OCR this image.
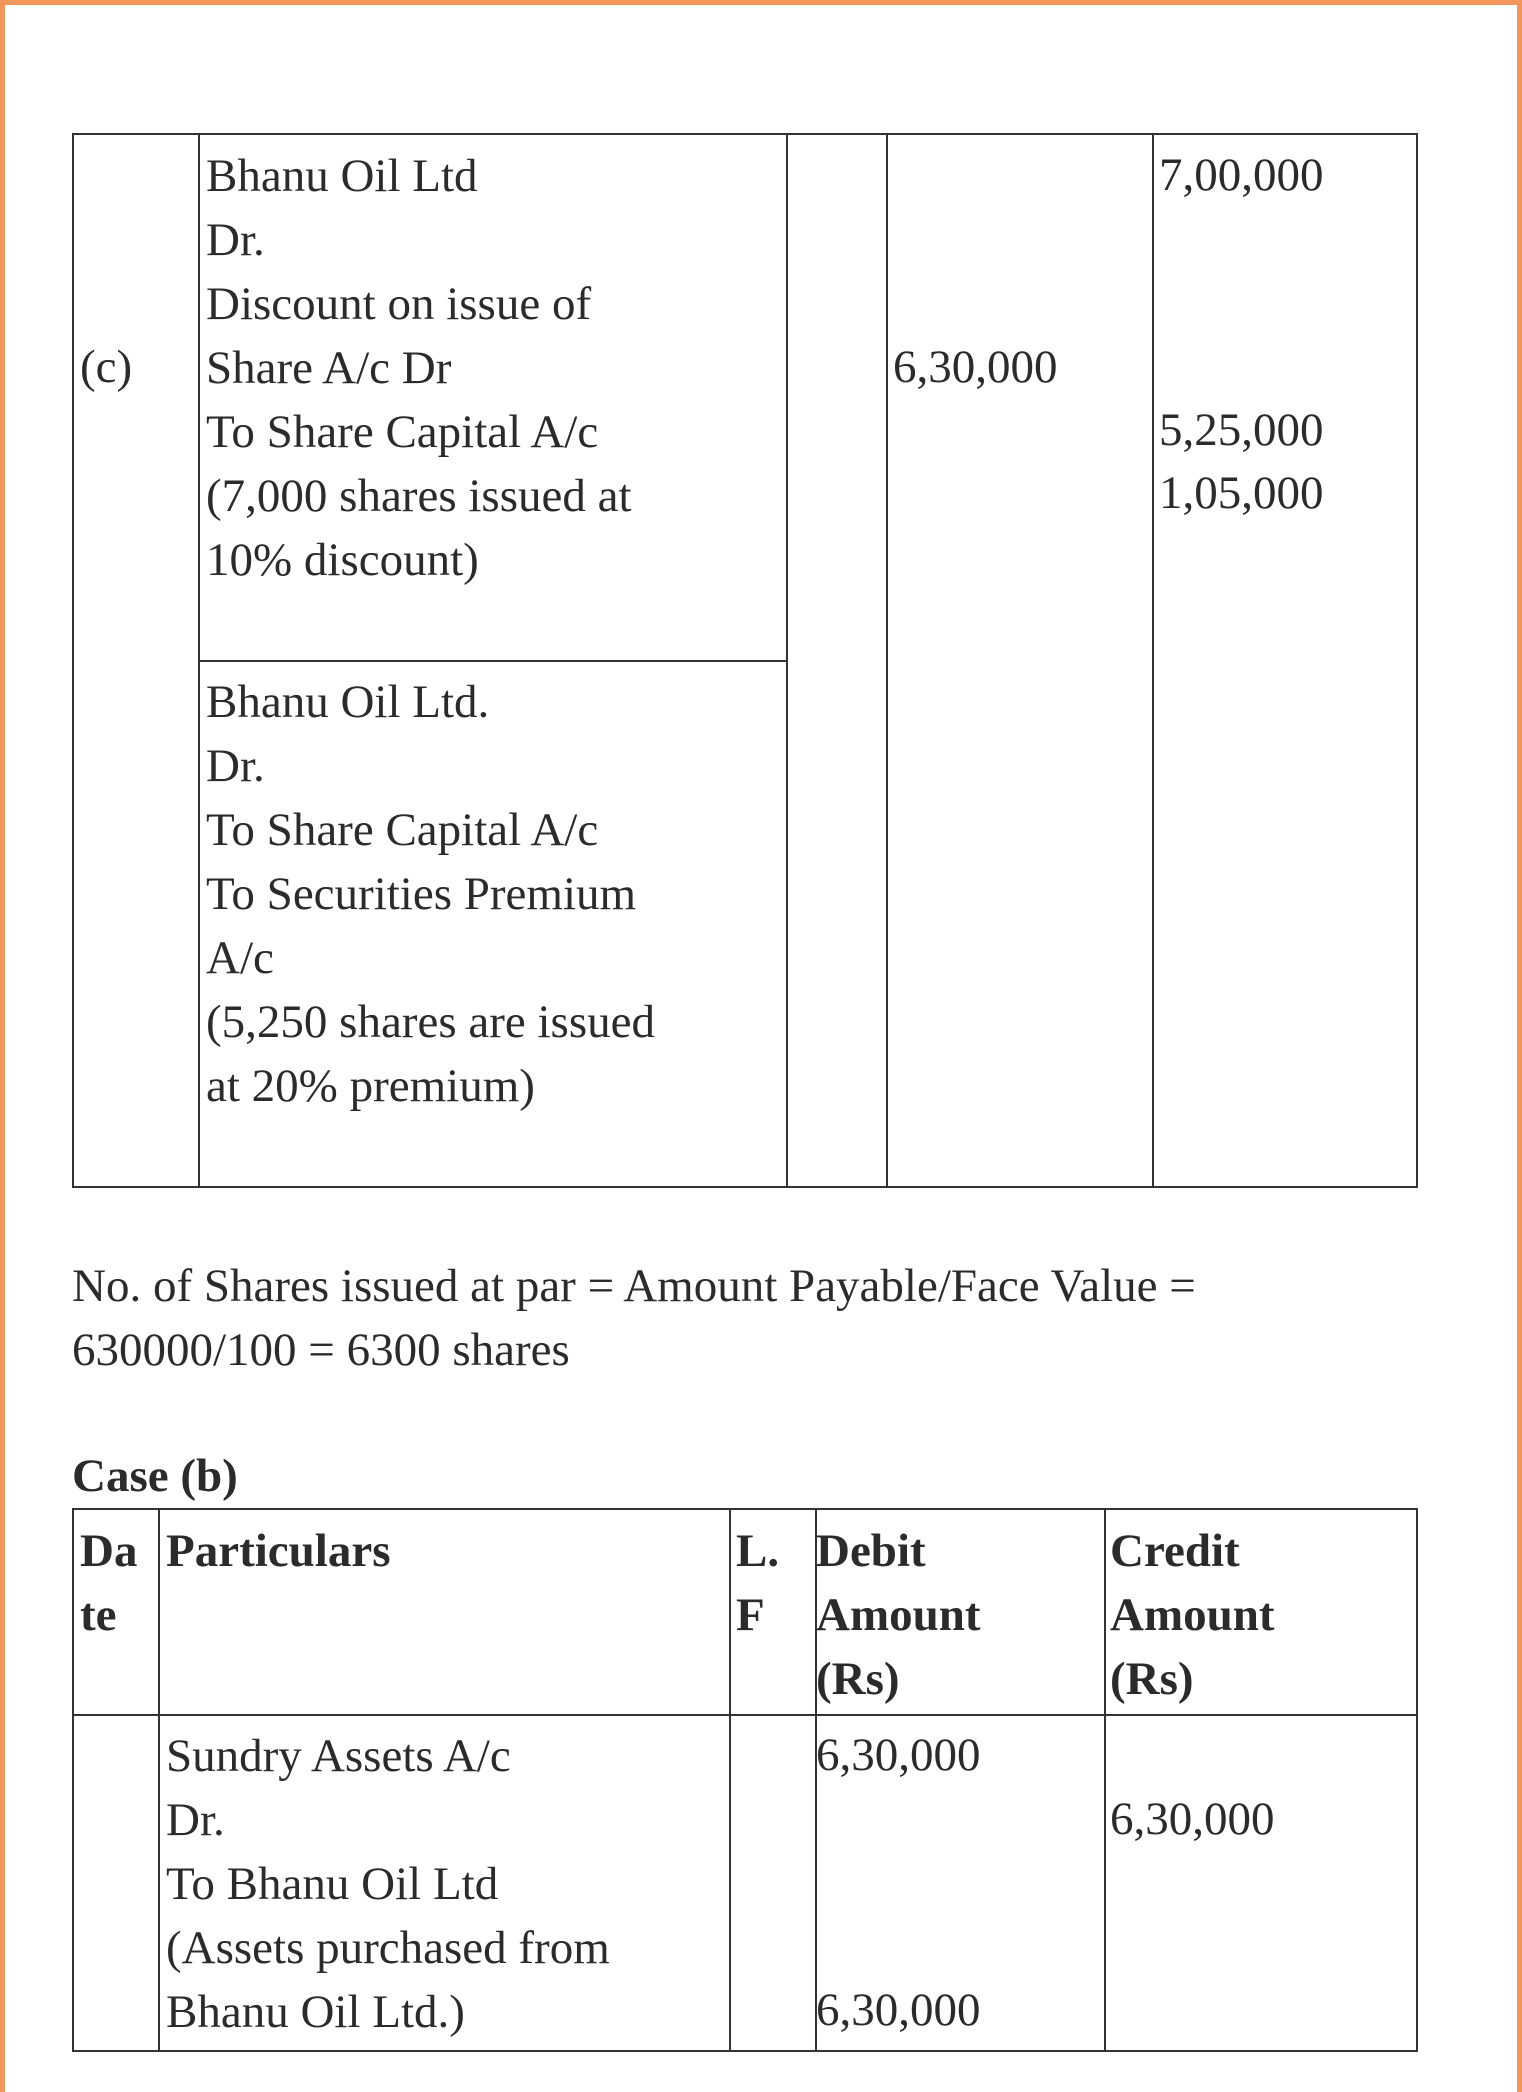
(c)
Bhanu Oil Ltd
Dr.
Discount on issue of
Share A/c Dr
To Share Capital A/c
(7,000 shares issued at
10% discount)
6,30,000
7,00,000
5,25,000
1,05,000
Bhanu Oil Ltd.
Dr.
To Share Capital A/c
To Securities Premium
A/c
(5,250 shares are issued
at 20% premium)
No. of Shares issued at par = Amount Payable/Face Value =
630000/100 = 6300 shares
Case (b)
Da
te
Particulars	L.
F
Debit
Amount
(Rs)
Credit
Amount
(Rs)
Sundry Assets A/c
Dr.
To Bhanu Oil Ltd
(Assets purchased from
Bhanu Oil Ltd.)
6,30,000
6,30,000
6,30,000
